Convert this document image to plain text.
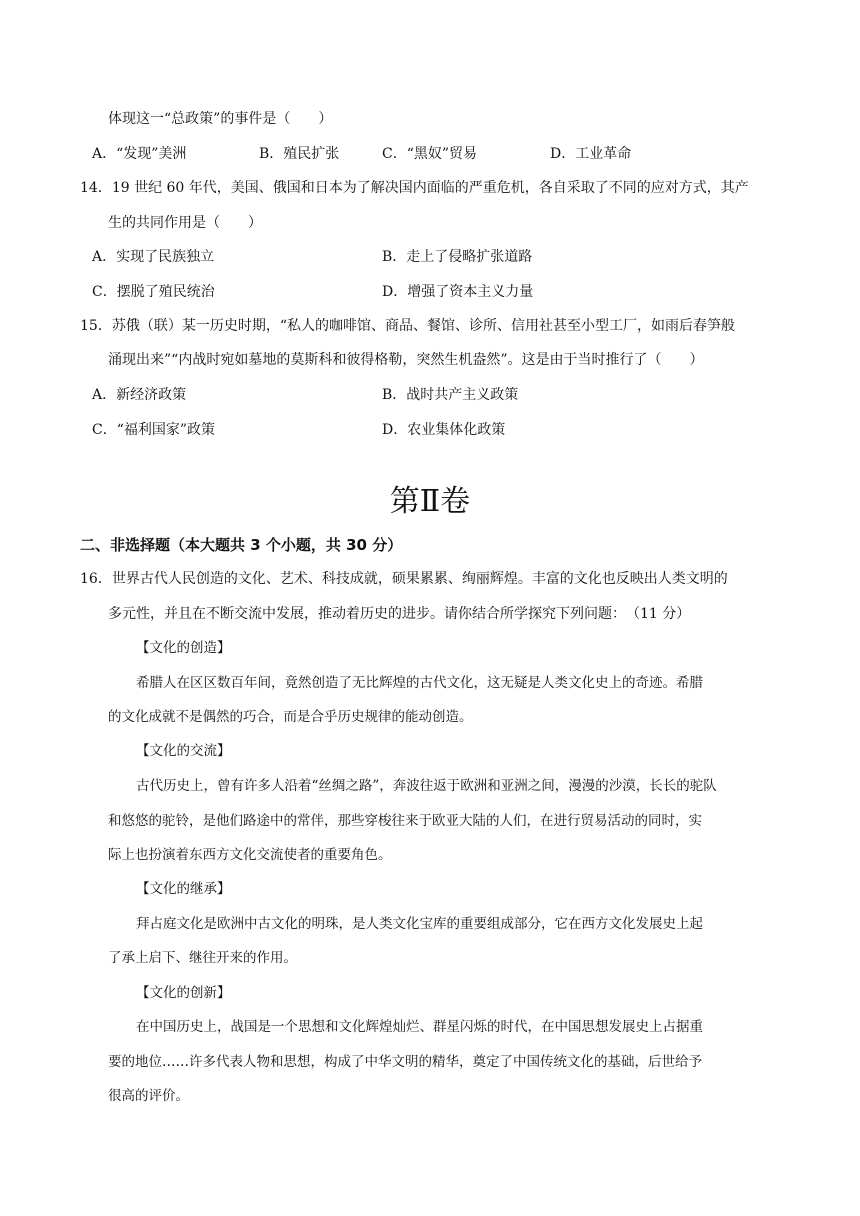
体现这一“总政策”的事件是（　　）
A．“发现”美洲	B．殖民扩张	C．“黑奴”贸易	D．工业革命
14．19 世纪 60 年代，美国、俄国和日本为了解决国内面临的严重危机，各自采取了不同的应对方式，其产
生的共同作用是（　　）
A．实现了民族独立	B．走上了侵略扩张道路
C．摆脱了殖民统治	D．增强了资本主义力量
15．苏俄（联）某一历史时期，“私人的咖啡馆、商品、餐馆、诊所、信用社甚至小型工厂，如雨后春笋般
涌现出来”“内战时宛如墓地的莫斯科和彼得格勒，突然生机盎然”。这是由于当时推行了（　　）
A．新经济政策	B．战时共产主义政策
C．“福利国家”政策	D．农业集体化政策
第Ⅱ卷
二、非选择题（本大题共 3 个小题，共 30 分）
16．世界古代人民创造的文化、艺术、科技成就，硕果累累、绚丽辉煌。丰富的文化也反映出人类文明的
多元性，并且在不断交流中发展，推动着历史的进步。请你结合所学探究下列问题：　（11 分）
【文化的创造】
希腊人在区区数百年间，竟然创造了无比辉煌的古代文化，这无疑是人类文化史上的奇迹。希腊
的文化成就不是偶然的巧合，而是合乎历史规律的能动创造。
【文化的交流】
古代历史上，曾有许多人沿着“丝绸之路”，奔波往返于欧洲和亚洲之间，漫漫的沙漠，长长的驼队
和悠悠的驼铃，是他们路途中的常伴，那些穿梭往来于欧亚大陆的人们，在进行贸易活动的同时，实
际上也扮演着东西方文化交流使者的重要角色。
【文化的继承】
拜占庭文化是欧洲中古文化的明珠，是人类文化宝库的重要组成部分，它在西方文化发展史上起
了承上启下、继往开来的作用。
【文化的创新】
在中国历史上，战国是一个思想和文化辉煌灿烂、群星闪烁的时代，在中国思想发展史上占据重
要的地位……许多代表人物和思想，构成了中华文明的精华，奠定了中国传统文化的基础，后世给予
很高的评价。
